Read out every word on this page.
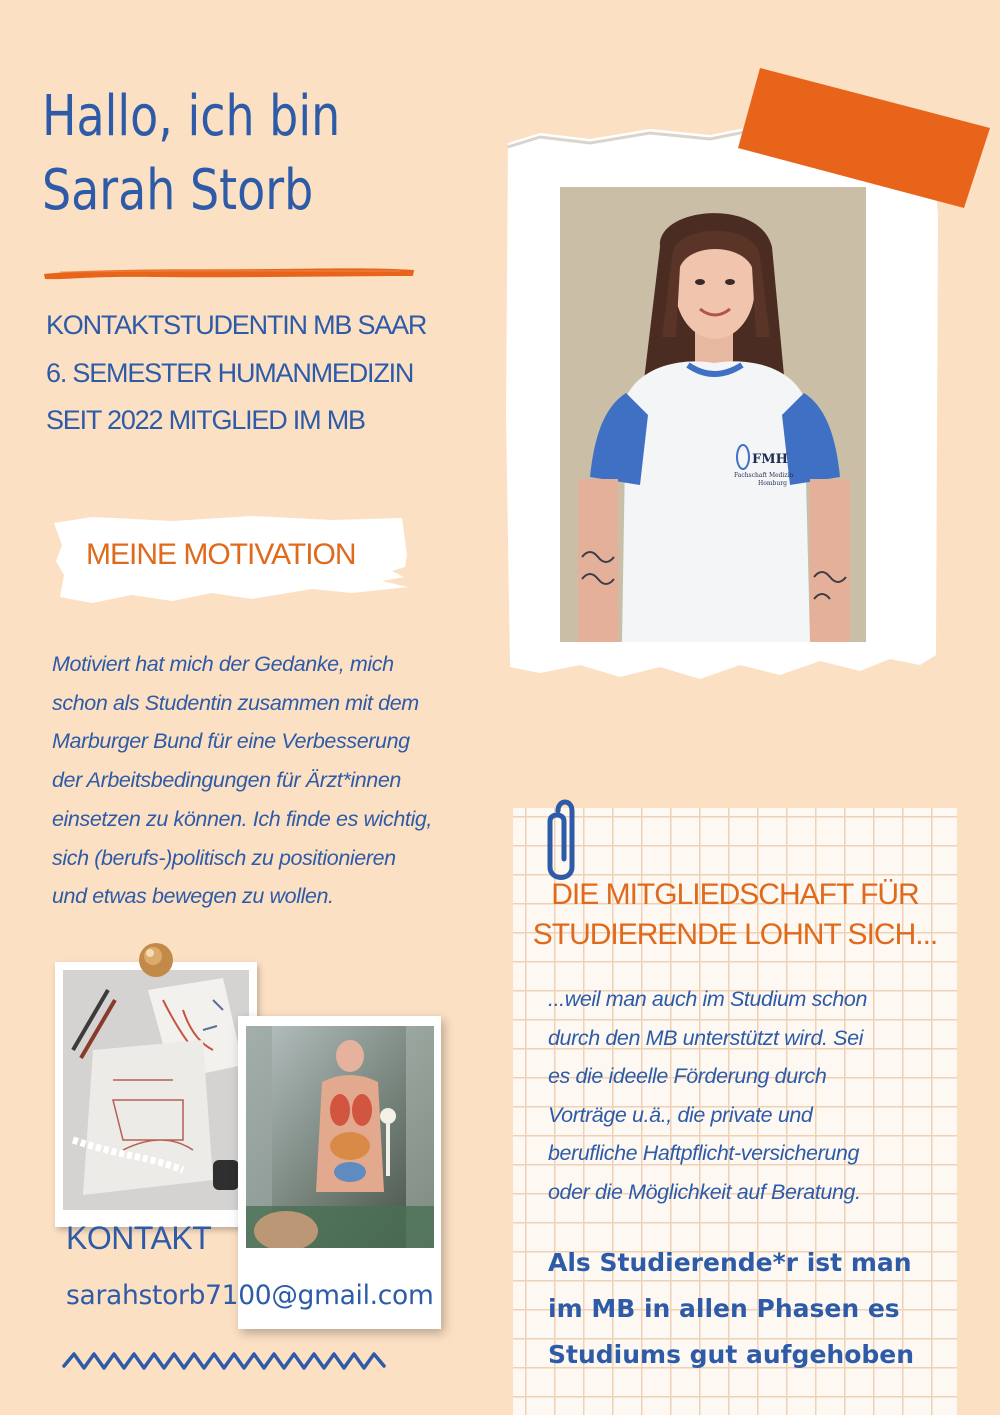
Hallo, ich bin
Sarah Storb
KONTAKTSTUDENTIN MB SAAR
6. SEMESTER HUMANMEDIZIN
SEIT 2022 MITGLIED IM MB
MEINE MOTIVATION
Motiviert hat mich der Gedanke, mich
schon als Studentin zusammen mit dem
Marburger Bund für eine Verbesserung
der Arbeitsbedingungen für Ärzt*innen
einsetzen zu können. Ich finde es wichtig,
sich (berufs-)politisch zu positionieren
und etwas bewegen zu wollen.
FMH
Fachschaft Medizin
Homburg
DIE MITGLIEDSCHAFT FÜR
STUDIERENDE LOHNT SICH...
...weil man auch im Studium schon
durch den MB unterstützt wird. Sei
es die ideelle Förderung durch
Vorträge u.ä., die private und
berufliche Haftpflicht-versicherung
oder die Möglichkeit auf Beratung.
Als Studierende*r ist man
im MB in allen Phasen es
Studiums gut aufgehoben
KONTAKT
sarahstorb7100@gmail.com
